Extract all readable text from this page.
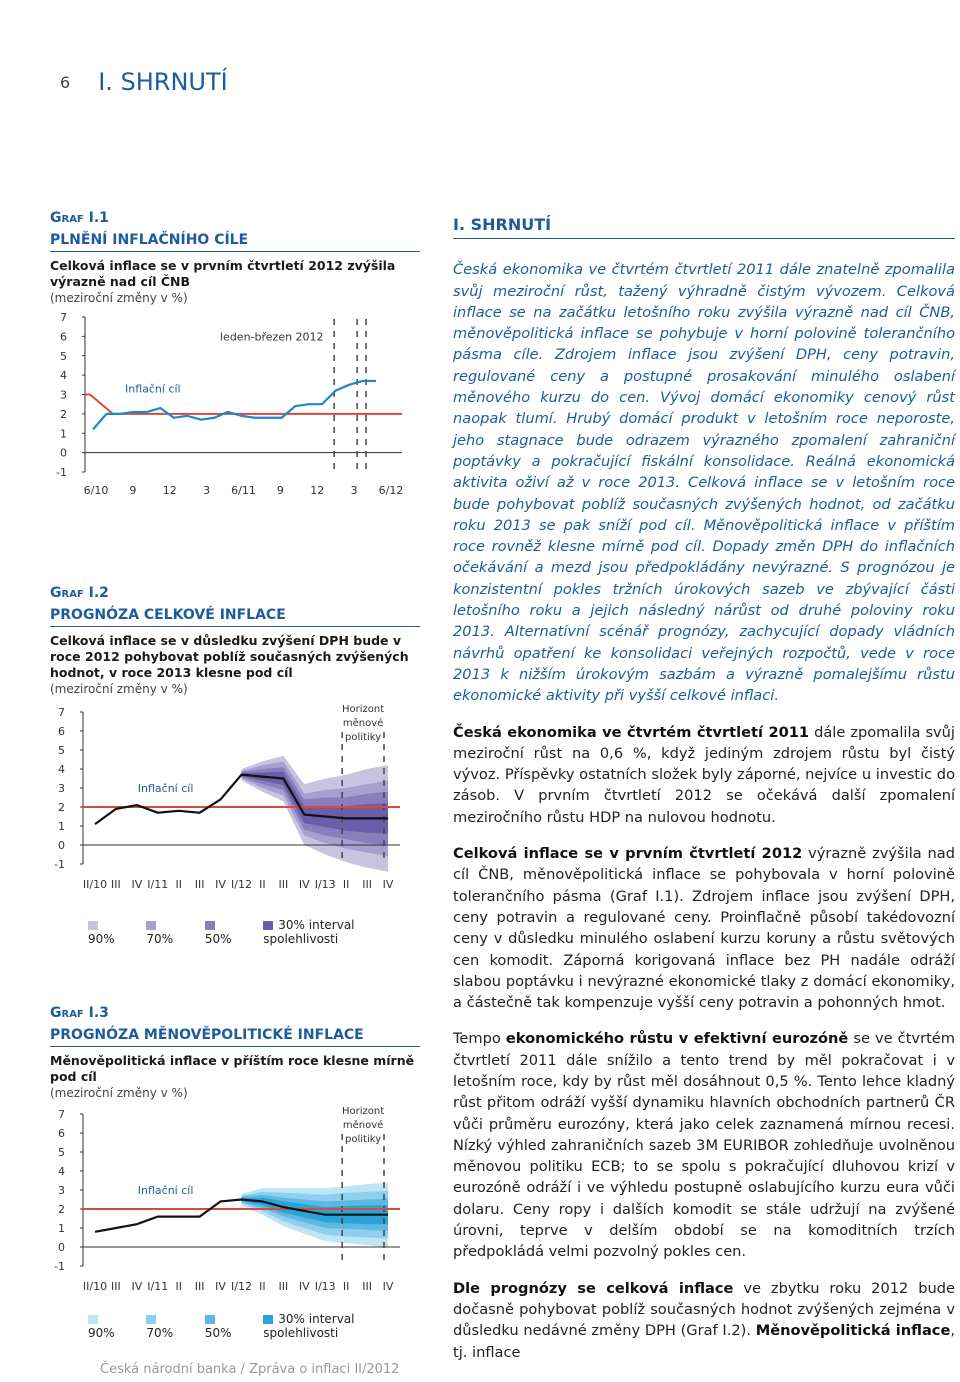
6 I. SHRNUTÍ
Graf I.1
PLNĚNÍ INFLAČNÍHO CÍLE
Celková inflace se v prvním čtvrtletí 2012 zvýšila výrazně nad cíl ČNB
(meziroční změny v %)
7
6
5
4
3
2
1
0
-1
6/10 9 12 3 6/11 9 12 3 6/12
Inflační cíl
leden-březen 2012
Graf I.2
PROGNÓZA CELKOVÉ INFLACE
Celková inflace se v důsledku zvýšení DPH bude v roce 2012 pohybovat poblíž současných zvýšených hodnot, v roce 2013 klesne pod cíl
(meziroční změny v %)
7
6
5
4
3
2
1
0
-1
II/10 III IV I/11 II III IV I/12 II III IV I/13 II III IV
Horizont
měnové
politiky
Inflační cíl
90%	70%	50%
30% interval spolehlivosti
Graf I.3
PROGNÓZA MĚNOVĚPOLITICKÉ INFLACE
Měnověpolitická inflace v příštím roce klesne mírně pod cíl
(meziroční změny v %)
7
6
5
4
3
2
1
0
-1
II/10 III IV I/11 II III IV I/12 II III IV I/13 II III IV
Horizont
měnové
politiky
Inflační cíl
90%	70%	50%
30% interval spolehlivosti
I. SHRNUTÍ

Česká ekonomika ve čtvrtém čtvrtletí 2011 dále znatelně zpomalila svůj meziroční růst, tažený výhradně čistým vývozem. Celková inflace se na začátku letošního roku zvýšila výrazně nad cíl ČNB, měnověpolitická inflace se pohybuje v horní polovině tolerančního pásma cíle. Zdrojem inflace jsou zvýšení DPH, ceny potravin, regulované ceny a postupné prosakování minulého oslabení měnového kurzu do cen. Vývoj domácí ekonomiky cenový růst naopak tlumí. Hrubý domácí produkt v letošním roce neporoste, jeho stagnace bude odrazem výrazného zpomalení zahraniční poptávky a pokračující fiskální konsolidace. Reálná ekonomická aktivita oživí až v roce 2013. Celková inflace se v letošním roce bude pohybovat poblíž současných zvýšených hodnot, od začátku roku 2013 se pak sníží pod cíl. Měnověpolitická inflace v příštím roce rovněž klesne mírně pod cíl. Dopady změn DPH do inflačních očekávání a mezd jsou předpokládány nevýrazné. S prognózou je konzistentní pokles tržních úrokových sazeb ve zbývající části letošního roku a jejich následný nárůst od druhé poloviny roku 2013. Alternativní scénář prognózy, zachycující dopady vládních návrhů opatření ke konsolidaci veřejných rozpočtů, vede v roce 2013 k nižším úrokovým sazbám a výrazně pomalejšímu růstu ekonomické aktivity při vyšší celkové inflaci.

Česká ekonomika ve čtvrtém čtvrtletí 2011 dále zpomalila svůj meziroční růst na 0,6 %, když jediným zdrojem růstu byl čistý vývoz. Příspěvky ostatních složek byly záporné, nejvíce u investic do zásob. V prvním čtvrtletí 2012 se očekává další zpomalení meziročního růstu HDP na nulovou hodnotu.

Celková inflace se v prvním čtvrtletí 2012 výrazně zvýšila nad cíl ČNB, měnověpolitická inflace se pohybovala v horní polovině tolerančního pásma (Graf I.1). Zdrojem inflace jsou zvýšení DPH, ceny potravin a regulované ceny. Proinflačně působí takédovozní ceny v důsledku minulého oslabení kurzu koruny a růstu světových cen komodit. Záporná korigovaná inflace bez PH nadále odráží slabou poptávku i nevýrazné ekonomické tlaky z domácí ekonomiky, a částečně tak kompenzuje vyšší ceny potravin a pohonných hmot.

Tempo ekonomického růstu v efektivní eurozóně se ve čtvrtém čtvrtletí 2011 dále snížilo a tento trend by měl pokračovat i v letošním roce, kdy by růst měl dosáhnout 0,5 %. Tento lehce kladný růst přitom odráží vyšší dynamiku hlavních obchodních partnerů ČR vůči průměru eurozóny, která jako celek zaznamená mírnou recesi. Nízký výhled zahraničních sazeb 3M EURIBOR zohledňuje uvolněnou měnovou politiku ECB; to se spolu s pokračující dluhovou krizí v eurozóně odráží i ve výhledu postupně oslabujícího kurzu eura vůči dolaru. Ceny ropy i dalších komodit se stále udržují na zvýšené úrovni, teprve v delším období se na komoditních trzích předpokládá velmi pozvolný pokles cen.

Dle prognózy se celková inflace ve zbytku roku 2012 bude dočasně pohybovat poblíž současných hodnot zvýšených zejména v důsledku nedávné změny DPH (Graf I.2). Měnověpolitická inflace, tj. inflace

Česká národní banka / Zpráva o inflaci II/2012
